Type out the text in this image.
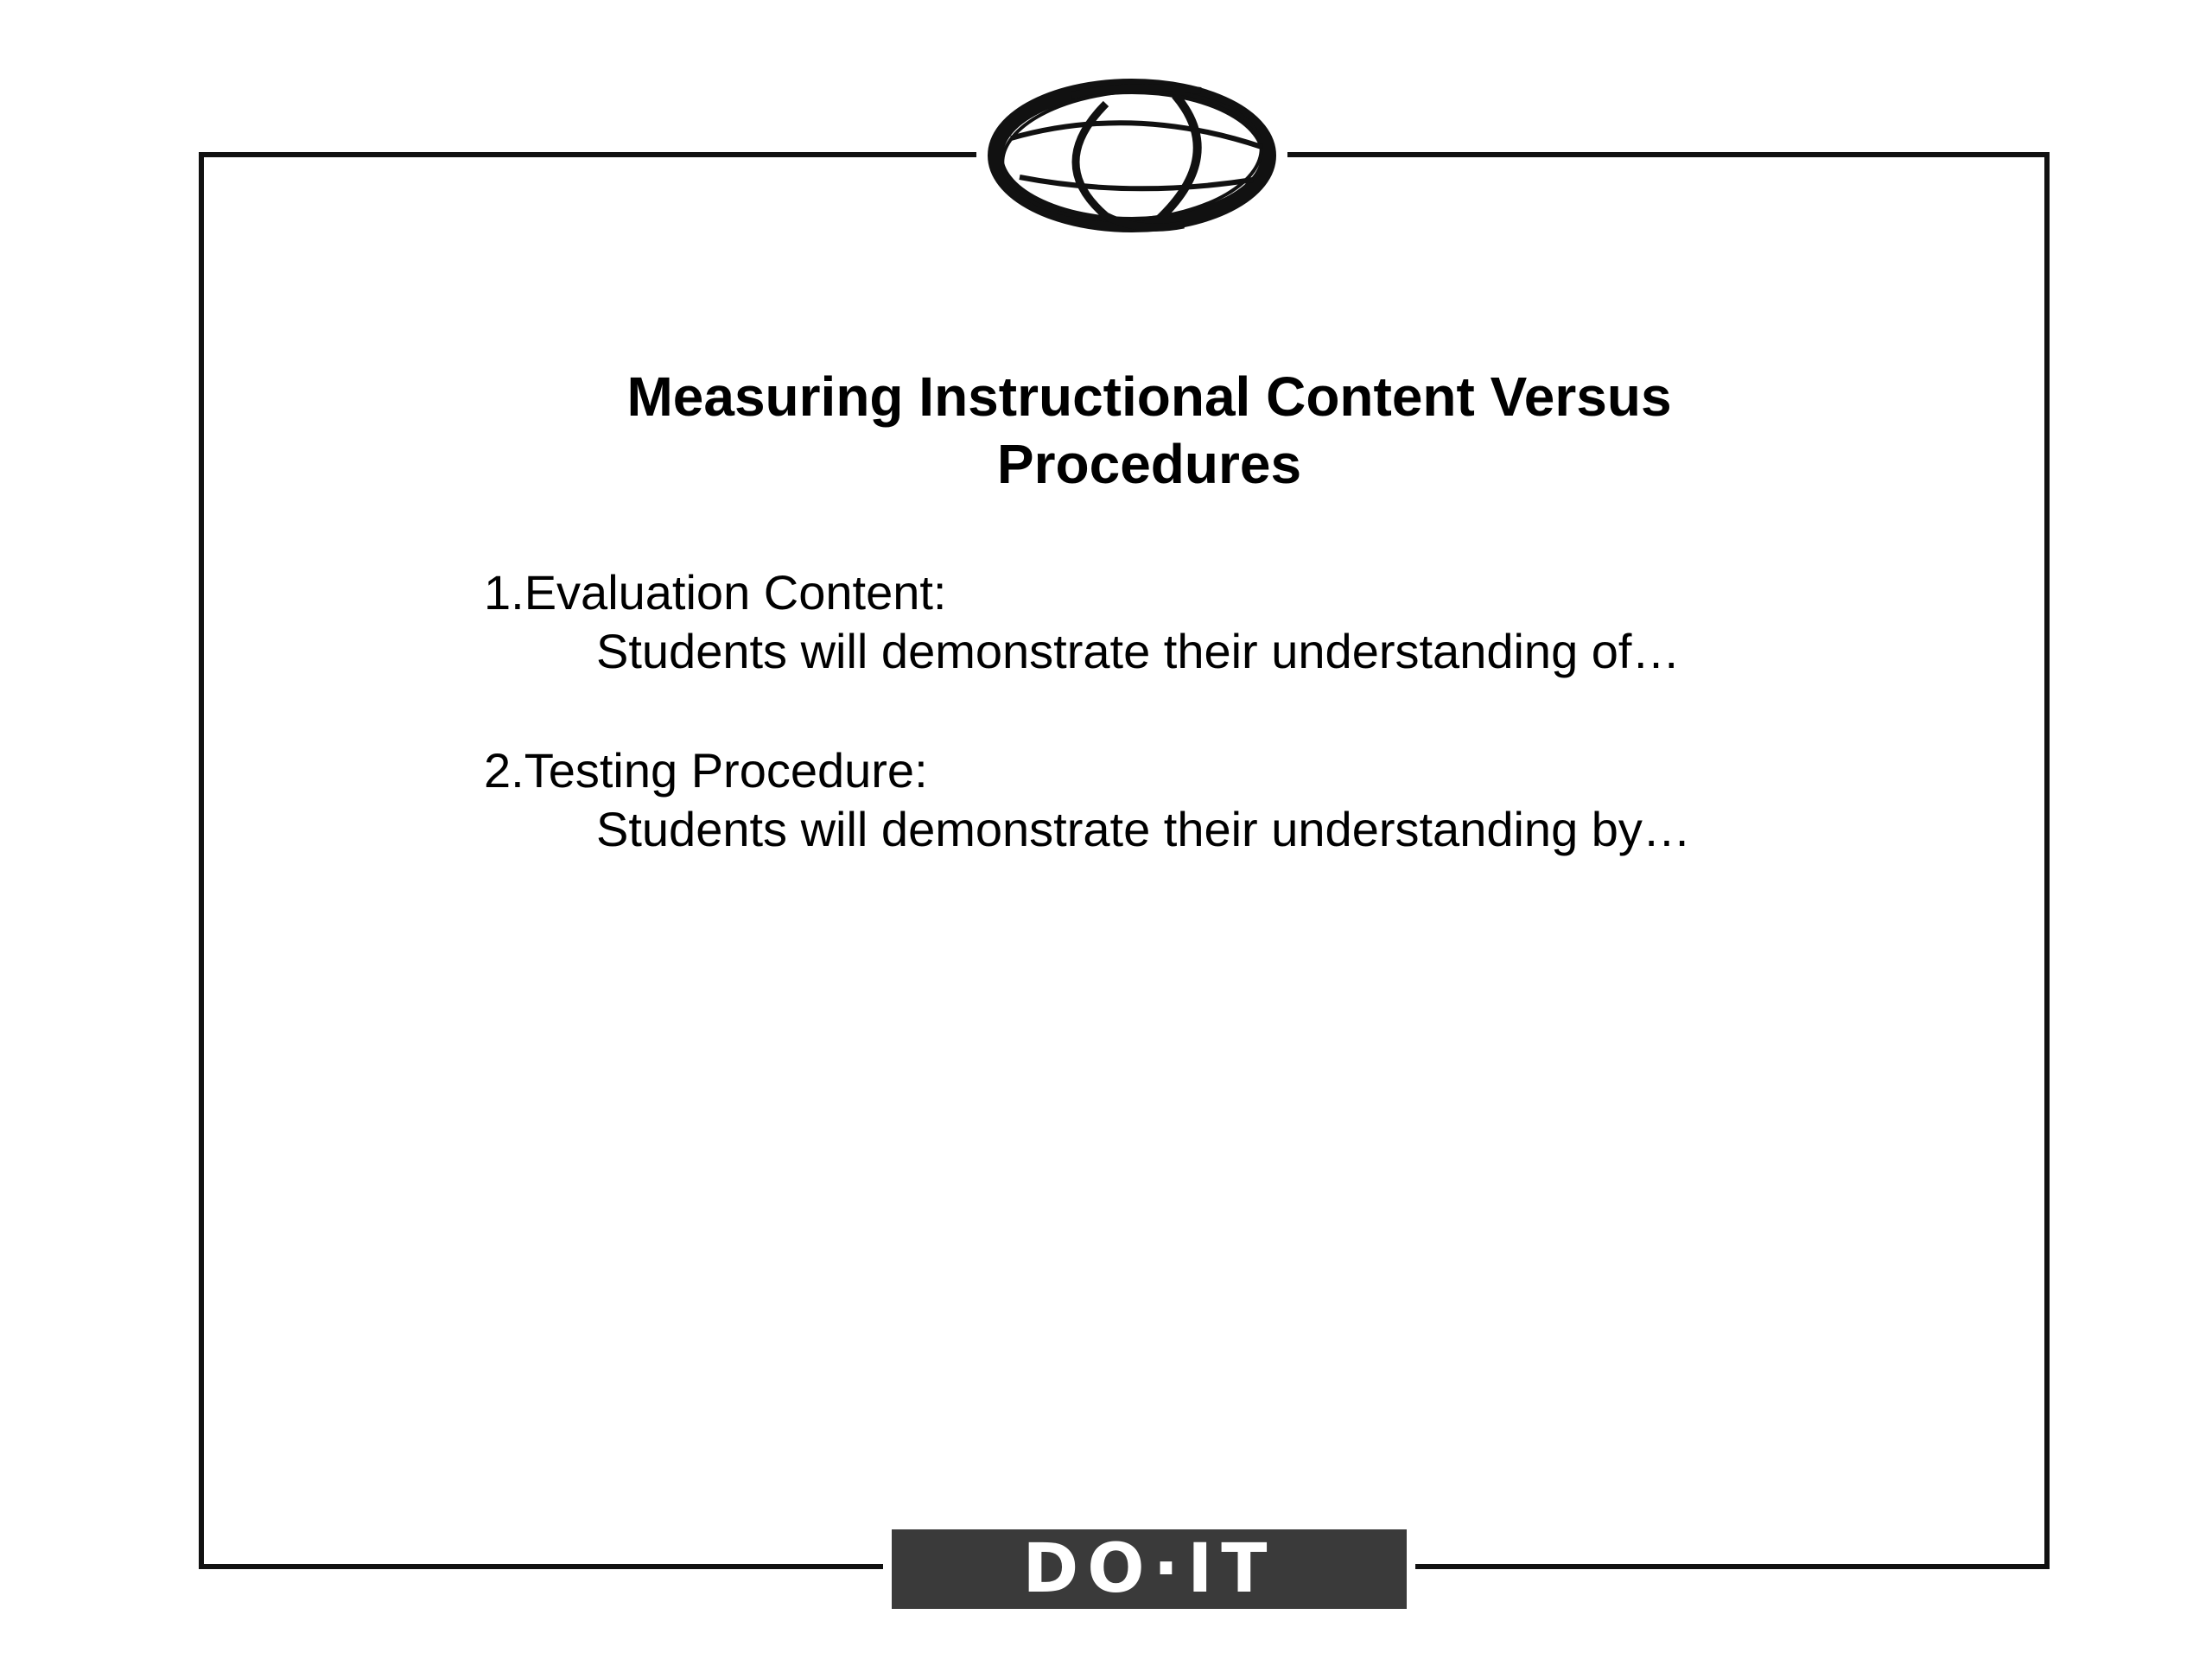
Measuring Instructional Content Versus
Procedures
1.Evaluation Content:
Students will demonstrate their understanding of…
2.Testing Procedure:
Students will demonstrate their understanding by…
DO·IT
